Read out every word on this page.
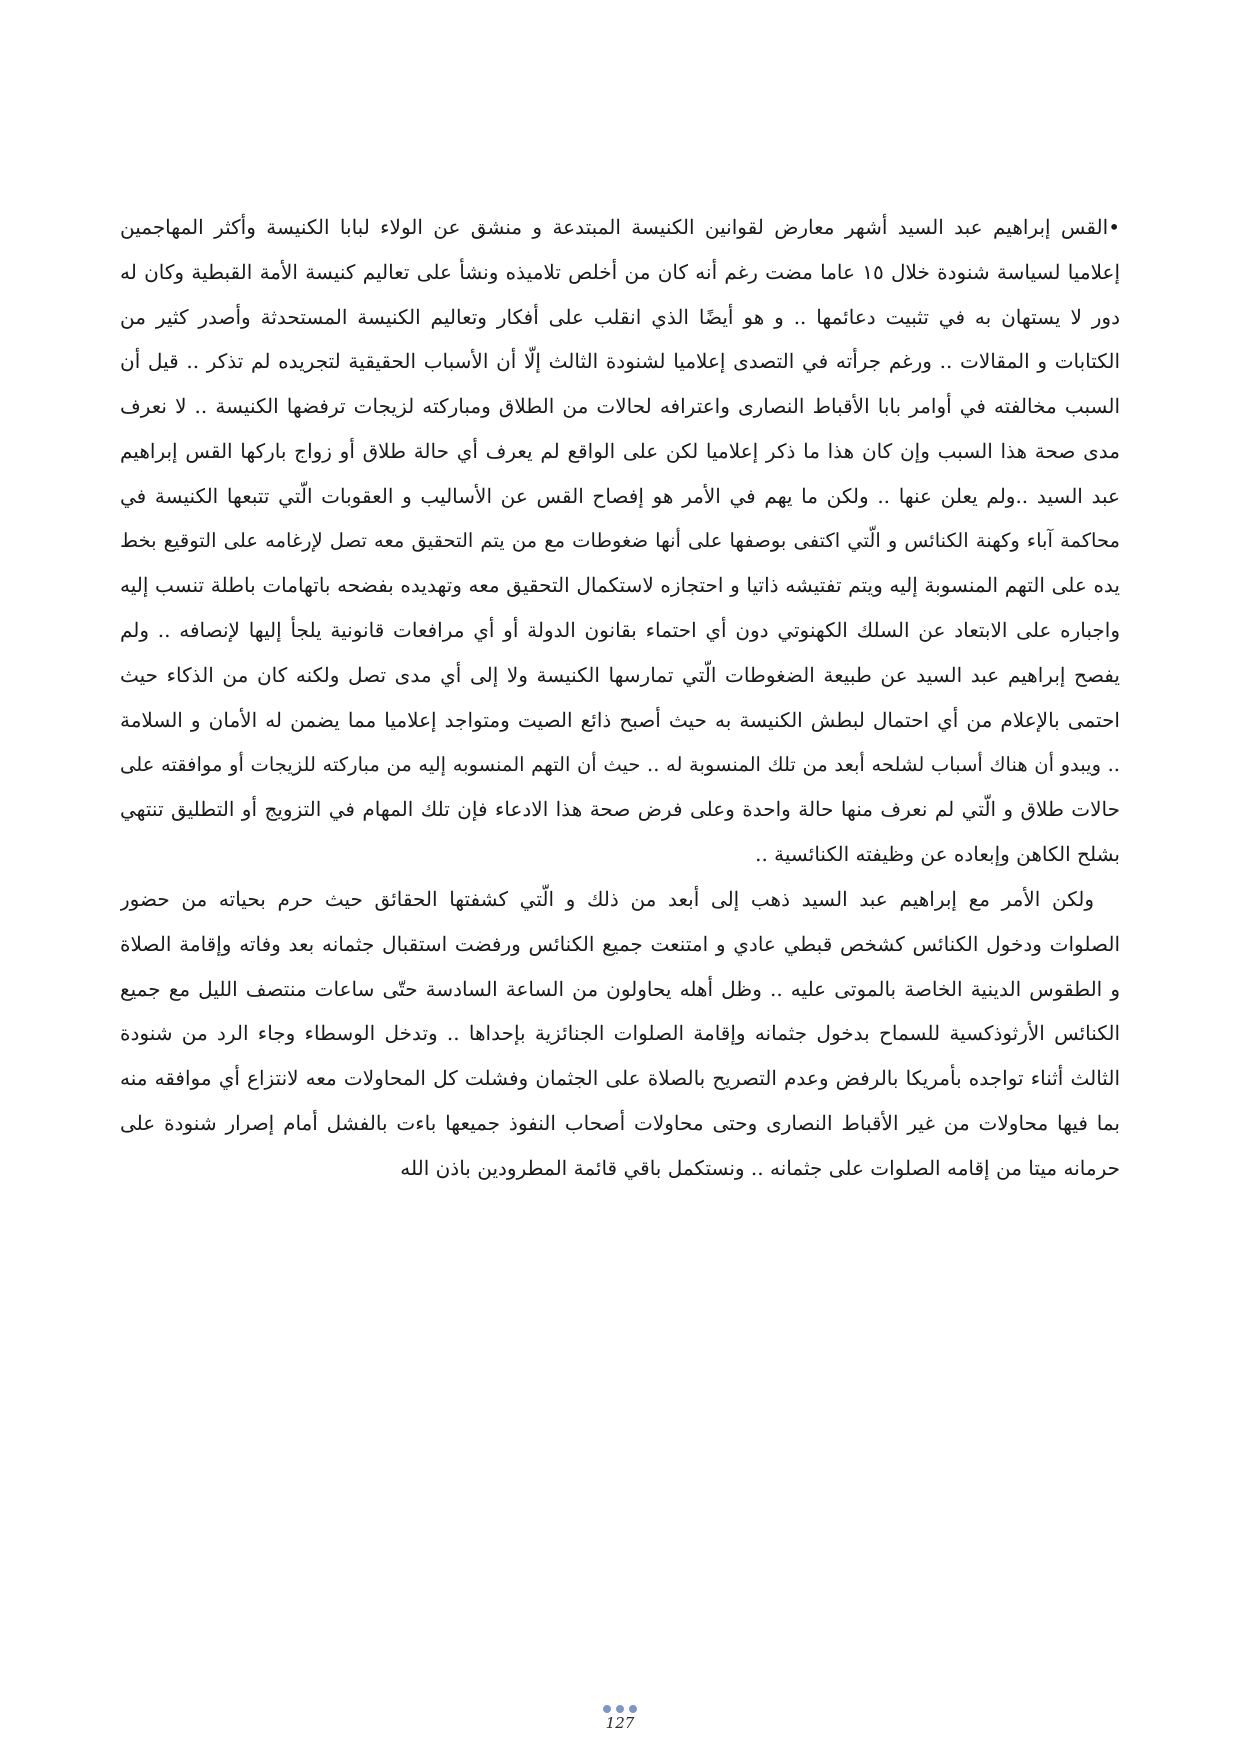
•القس إبراهيم عبد السيد أشهر معارض لقوانين الكنيسة المبتدعة و منشق عن الولاء لبابا الكنيسة وأكثر المهاجمين
إعلاميا لسياسة شنودة خلال ١٥ عاما مضت رغم أنه كان من أخلص تلاميذه ونشأ على تعاليم كنيسة الأمة القبطية وكان له
دور لا يستهان به في تثبيت دعائمها .. و هو أيضًا الذي انقلب على أفكار وتعاليم الكنيسة المستحدثة وأصدر كثير من
الكتابات و المقالات .. ورغم جرأته في التصدى إعلاميا لشنودة الثالث إلّا أن الأسباب الحقيقية لتجريده لم تذكر .. قيل أن
السبب مخالفته في أوامر بابا الأقباط النصارى واعترافه لحالات من الطلاق ومباركته لزيجات ترفضها الكنيسة .. لا نعرف
مدى صحة هذا السبب وإن كان هذا ما ذكر إعلاميا لكن على الواقع لم يعرف أي حالة طلاق أو زواج باركها القس إبراهيم
عبد السيد ..ولم يعلن عنها .. ولكن ما يهم في الأمر هو إفصاح القس عن الأساليب و العقوبات الّتي تتبعها الكنيسة في
محاكمة آباء وكهنة الكنائس و الّتي اكتفى بوصفها على أنها ضغوطات مع من يتم التحقيق معه تصل لإرغامه على التوقيع بخط
يده على التهم المنسوبة إليه ويتم تفتيشه ذاتيا و احتجازه لاستكمال التحقيق معه وتهديده بفضحه باتهامات باطلة تنسب إليه
واجباره على الابتعاد عن السلك الكهنوتي دون أي احتماء بقانون الدولة أو أي مرافعات قانونية يلجأ إليها لإنصافه .. ولم
يفصح إبراهيم عبد السيد عن طبيعة الضغوطات الّتي تمارسها الكنيسة ولا إلى أي مدى تصل ولكنه كان من الذكاء حيث
احتمى بالإعلام من أي احتمال لبطش الكنيسة به حيث أصبح ذائع الصيت ومتواجد إعلاميا مما يضمن له الأمان و السلامة
.. ويبدو أن هناك أسباب لشلحه أبعد من تلك المنسوبة له .. حيث أن التهم المنسوبه إليه من مباركته للزيجات أو موافقته على
حالات طلاق و الّتي لم نعرف منها حالة واحدة وعلى فرض صحة هذا الادعاء فإن تلك المهام في التزويج أو التطليق تنتهي
بشلح الكاهن وإبعاده عن وظيفته الكنائسية ..
ولكن الأمر مع إبراهيم عبد السيد ذهب إلى أبعد من ذلك و الّتي كشفتها الحقائق حيث حرم بحياته من حضور
الصلوات ودخول الكنائس كشخص قبطي عادي و امتنعت جميع الكنائس ورفضت استقبال جثمانه بعد وفاته وإقامة الصلاة
و الطقوس الدينية الخاصة بالموتى عليه .. وظل أهله يحاولون من الساعة السادسة حتّى ساعات منتصف الليل مع جميع
الكنائس الأرثوذكسية للسماح بدخول جثمانه وإقامة الصلوات الجنائزية بإحداها .. وتدخل الوسطاء وجاء الرد من شنودة
الثالث أثناء تواجده بأمريكا بالرفض وعدم التصريح بالصلاة على الجثمان وفشلت كل المحاولات معه لانتزاع أي موافقه منه
بما فيها محاولات من غير الأقباط النصارى وحتى محاولات أصحاب النفوذ جميعها باءت بالفشل أمام إصرار شنودة على
حرمانه ميتا من إقامه الصلوات على جثمانه .. ونستكمل باقي قائمة المطرودين باذن الله
127
